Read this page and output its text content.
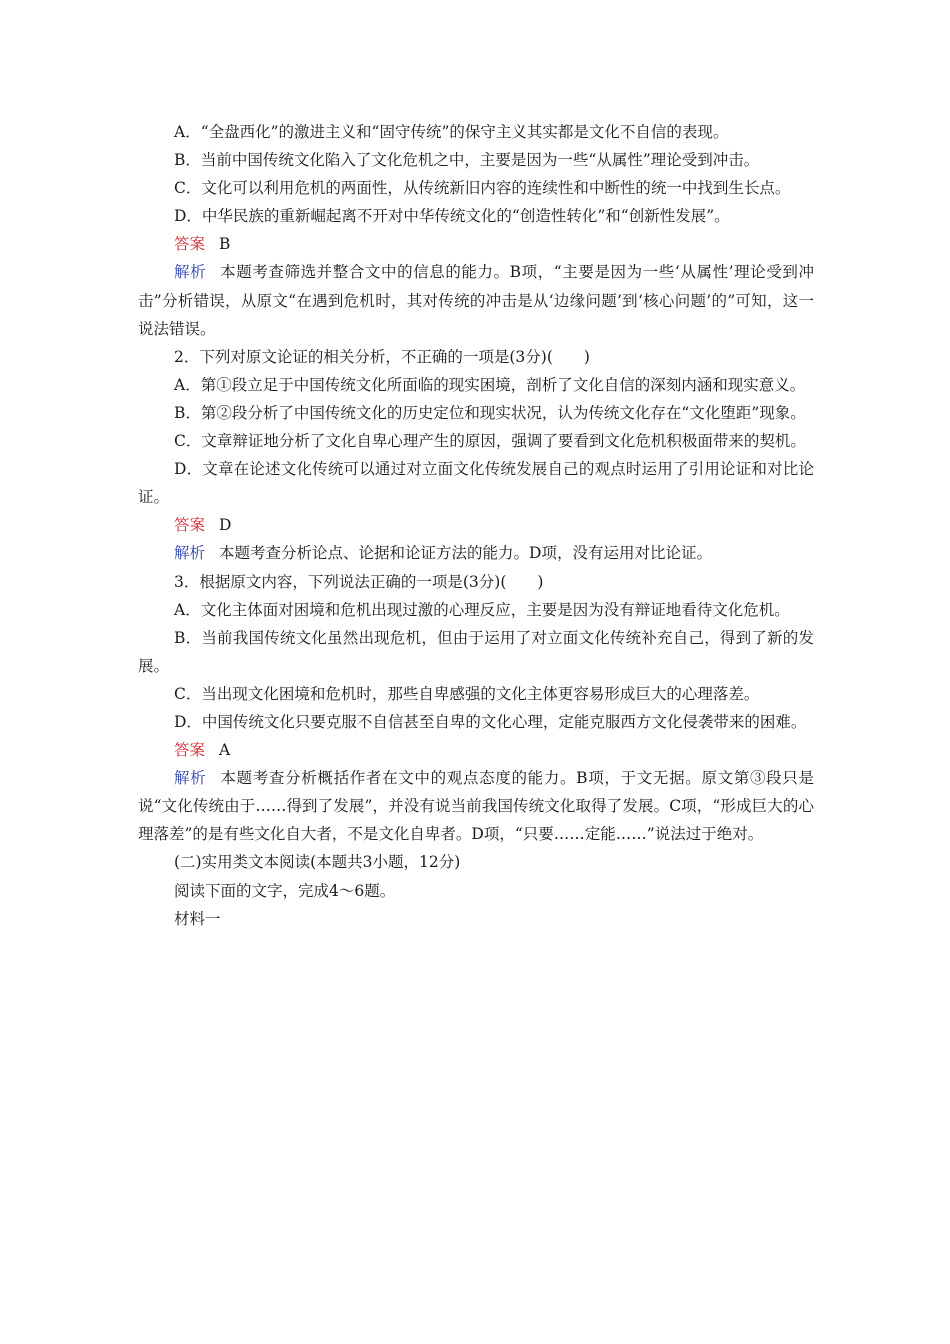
A．“全盘西化”的激进主义和“固守传统”的保守主义其实都是文化不自信的表现。

B．当前中国传统文化陷入了文化危机之中，主要是因为一些“从属性”理论受到冲击。

C．文化可以利用危机的两面性，从传统新旧内容的连续性和中断性的统一中找到生长点。

D．中华民族的重新崛起离不开对中华传统文化的“创造性转化”和“创新性发展”。

答案 B

解析 本题考查筛选并整合文中的信息的能力。B项，“主要是因为一些‘从属性’理论受到冲击”分析错误，从原文“在遇到危机时，其对传统的冲击是从‘边缘问题’到‘核心问题’的”可知，这一说法错误。

2．下列对原文论证的相关分析，不正确的一项是(3分)(　　)

A．第①段立足于中国传统文化所面临的现实困境，剖析了文化自信的深刻内涵和现实意义。

B．第②段分析了中国传统文化的历史定位和现实状况，认为传统文化存在“文化堕距”现象。

C．文章辩证地分析了文化自卑心理产生的原因，强调了要看到文化危机积极面带来的契机。

D．文章在论述文化传统可以通过对立面文化传统发展自己的观点时运用了引用论证和对比论证。

答案 D

解析 本题考查分析论点、论据和论证方法的能力。D项，没有运用对比论证。

3．根据原文内容，下列说法正确的一项是(3分)(　　)

A．文化主体面对困境和危机出现过激的心理反应，主要是因为没有辩证地看待文化危机。

B．当前我国传统文化虽然出现危机，但由于运用了对立面文化传统补充自己，得到了新的发展。

C．当出现文化困境和危机时，那些自卑感强的文化主体更容易形成巨大的心理落差。

D．中国传统文化只要克服不自信甚至自卑的文化心理，定能克服西方文化侵袭带来的困难。

答案 A

解析 本题考查分析概括作者在文中的观点态度的能力。B项，于文无据。原文第③段只是说“文化传统由于……得到了发展”，并没有说当前我国传统文化取得了发展。C项，“形成巨大的心理落差”的是有些文化自大者，不是文化自卑者。D项，“只要……定能……”说法过于绝对。

(二)实用类文本阅读(本题共3小题，12分)

阅读下面的文字，完成4～6题。

材料一
